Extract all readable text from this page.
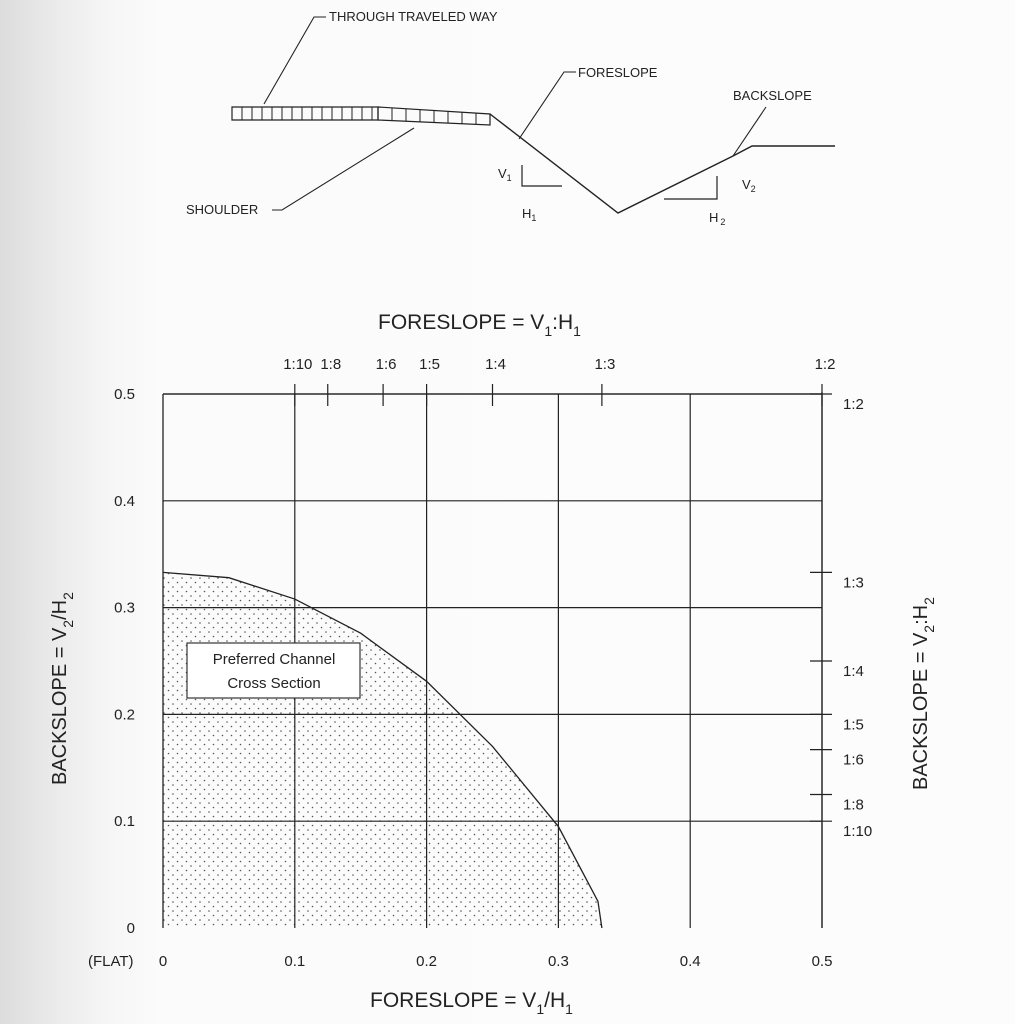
$V_1$
$H_1$
$V_2$
H $_2$
THROUGH TRAVELED WAY
FORESLOPE
BACKSLOPE
SHOULDER
1:10 1:8 1:6 1:5	1:4	1:3	1:2
1:2
1:3
1:4
1:5
1:6
1:8
1:10
0	0.1	0.2	0.3	0.4	0.5
0
0.1
0.2
0.3
0.4
0.5
(FLAT)
Preferred Channel
Cross Section
FORESLOPE = $V_1:H_1$
FORESLOPE = $V_1/H_1$
BACKSLOPE = $V_2/H_2$
BACKSLOPE = $V_2:H_2$
